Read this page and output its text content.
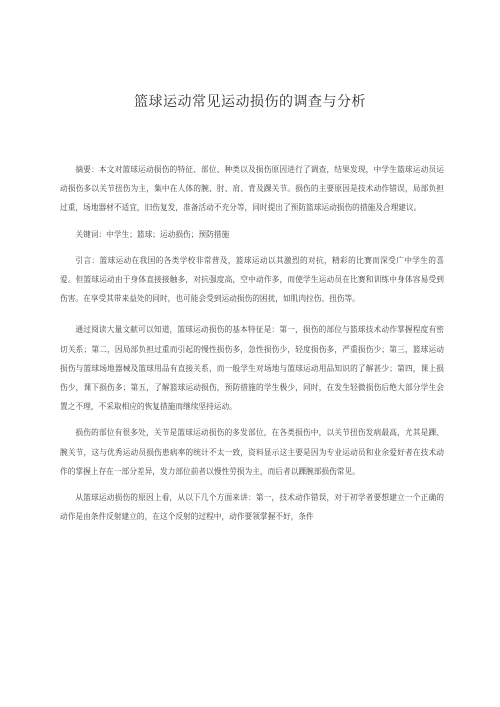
篮球运动常见运动损伤的调查与分析

摘要：本文对篮球运动损伤的特征、部位、种类以及损伤原因进行了调查，结果发现，中学生篮球运动员运动损伤多以关节扭伤为主，集中在人体的腕、肘、肩、背及踝关节。损伤的主要原因是技术动作错误，局部负担过重，场地器材不适宜，旧伤复发，准备活动不充分等，同时提出了预防篮球运动损伤的措施及合理建议。

关键词：中学生；篮球；运动损伤；预防措施

引言：篮球运动在我国的各类学校非常普及，篮球运动以其激烈的对抗，精彩的比赛而深受广中学生的喜爱。但篮球运动由于身体直接接触多，对抗强度高，空中动作多，而使学生运动员在比赛和训练中身体容易受到伤害。在享受其带来益处的同时，也可能会受到运动损伤的困扰，如肌肉拉伤、扭伤等。

通过阅读大量文献可以知道，篮球运动损伤的基本特征是：第一，损伤的部位与篮球技术动作掌握程度有密切关系；第二，因局部负担过重而引起的慢性损伤多，急性损伤少，轻度损伤多，严重损伤少；第三，篮球运动损伤与篮球场地器械及篮球用品有直接关系，而一般学生对场地与篮球运动用品知识的了解甚少；第四，课上损伤少，课下损伤多；第五，了解篮球运动损伤，预防措施的学生极少，同时，在发生轻微损伤后绝大部分学生会置之不理，不采取相应的恢复措施而继续坚持运动。

损伤的部位有很多处，关节是篮球运动损伤的多发部位，在各类损伤中，以关节扭伤发病最高，尤其是踝、腕关节，这与优秀运动员损伤患病率的统计不太一致，资料显示这主要是因为专业运动员和业余爱好者在技术动作的掌握上存在一部分差异，发力部位前者以慢性劳损为主，而后者以踝腕部损伤常见。

从篮球运动损伤的原因上看，从以下几个方面来讲：第一，技术动作错误，对于初学者要想建立一个正确的动作是由条件反射建立的，在这个反射的过程中，动作要领掌握不好，条件
